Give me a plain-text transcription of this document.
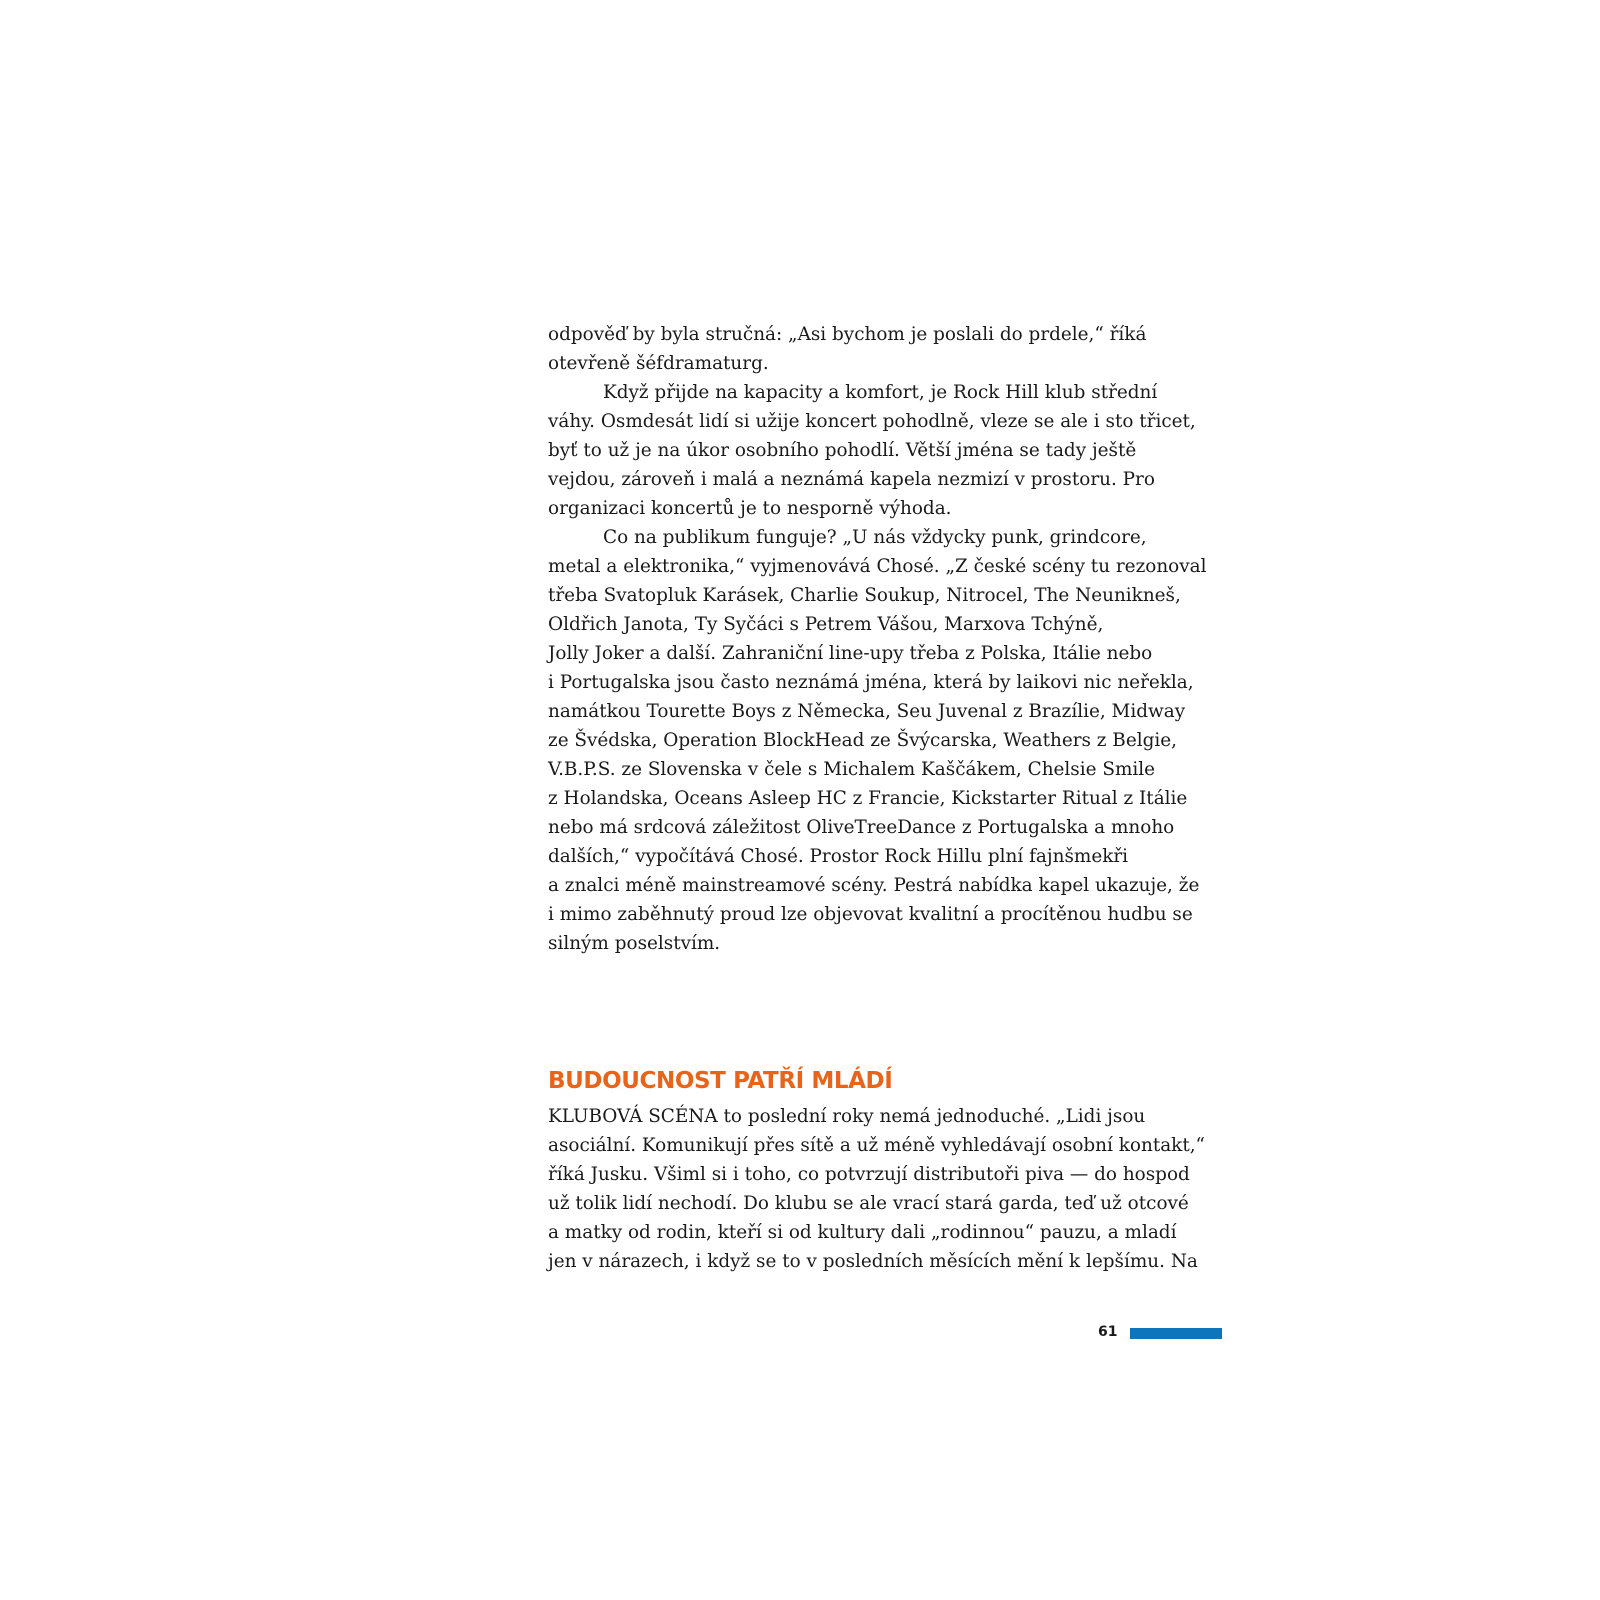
odpověď by byla stručná: „Asi bychom je poslali do prdele,“ říká
otevřeně šéfdramaturg.
Když přijde na kapacity a komfort, je Rock Hill klub střední
váhy. Osmdesát lidí si užije koncert pohodlně, vleze se ale i sto třicet,
byť to už je na úkor osobního pohodlí. Větší jména se tady ještě
vejdou, zároveň i malá a neznámá kapela nezmizí v prostoru. Pro
organizaci koncertů je to nesporně výhoda.
Co na publikum funguje? „U nás vždycky punk, grindcore,
metal a elektronika,“ vyjmenovává Chosé. „Z české scény tu rezonoval
třeba Svatopluk Karásek, Charlie Soukup, Nitrocel, The Neunikneš,
Oldřich Janota, Ty Syčáci s Petrem Vášou, Marxova Tchýně,
Jolly Joker a další. Zahraniční line-upy třeba z Polska, Itálie nebo
i Portugalska jsou často neznámá jména, která by laikovi nic neřekla,
namátkou Tourette Boys z Německa, Seu Juvenal z Brazílie, Midway
ze Švédska, Operation BlockHead ze Švýcarska, Weathers z Belgie,
V.B.P.S. ze Slovenska v čele s Michalem Kaščákem, Chelsie Smile
z Holandska, Oceans Asleep HC z Francie, Kickstarter Ritual z Itálie
nebo má srdcová záležitost OliveTreeDance z Portugalska a mnoho
dalších,“ vypočítává Chosé. Prostor Rock Hillu plní fajnšmekři
a znalci méně mainstreamové scény. Pestrá nabídka kapel ukazuje, že
i mimo zaběhnutý proud lze objevovat kvalitní a procítěnou hudbu se
silným poselstvím.
BUDOUCNOST PATŘÍ MLÁDÍ
KLUBOVÁ SCÉNA to poslední roky nemá jednoduché. „Lidi jsou
asociální. Komunikují přes sítě a už méně vyhledávají osobní kontakt,“
říká Jusku. Všiml si i toho, co potvrzují distributoři piva — do hospod
už tolik lidí nechodí. Do klubu se ale vrací stará garda, teď už otcové
a matky od rodin, kteří si od kultury dali „rodinnou“ pauzu, a mladí
jen v nárazech, i když se to v posledních měsících mění k lepšímu. Na
61
